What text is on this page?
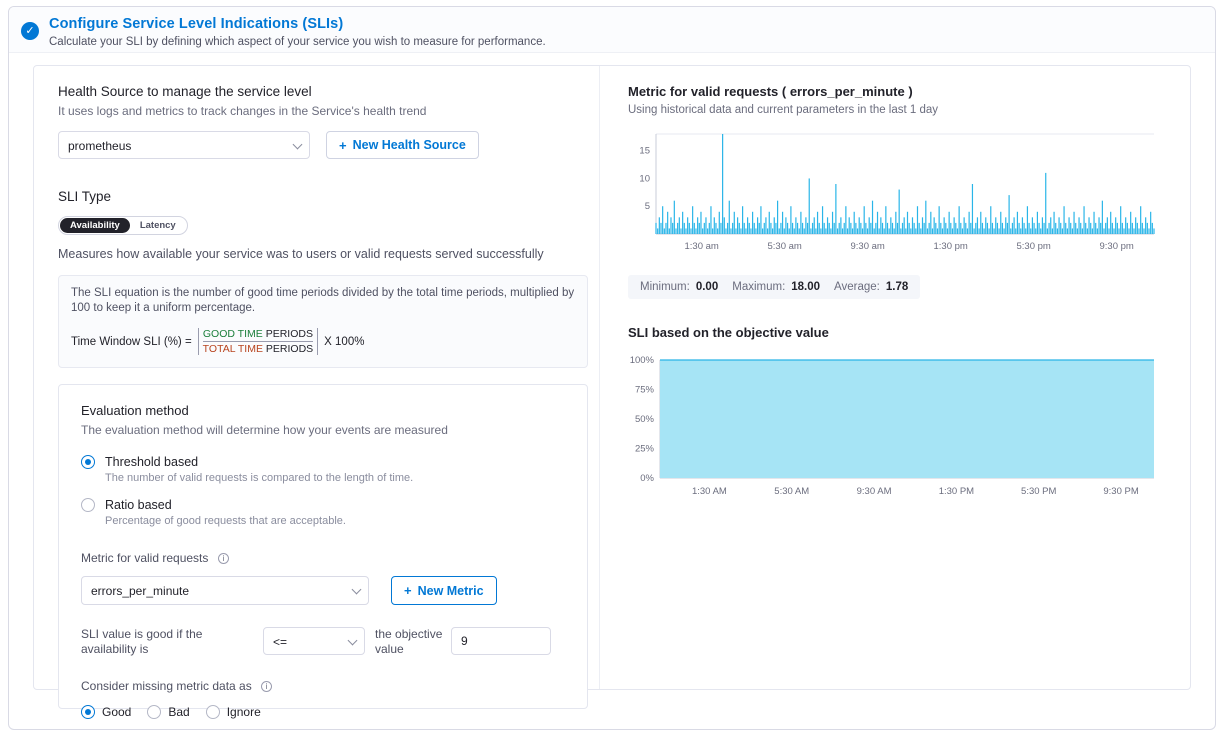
✓ Configure Service Level Indications (SLIs)
Calculate your SLI by defining which aspect of your service you wish to measure for performance.
Health Source to manage the service level
It uses logs and metrics to track changes in the Service's health trend
prometheus	+ New Health Source
SLI Type
Availability	Latency
Measures how available your service was to users or valid requests served successfully
The SLI equation is the number of good time periods divided by the total time periods, multiplied by 100 to keep it a uniform percentage.
Time Window SLI (%) = $\frac{\text{GOOD TIME PERIODS}}{\text{TOTAL TIME PERIODS}}$ X 100%
Evaluation method
The evaluation method will determine how your events are measured
Threshold based
The number of valid requests is compared to the length of time.
Ratio based
Percentage of good requests that are acceptable.
Metric for valid requests i
errors_per_minute	+ New Metric
SLI value is good if the availability is	<=
the objective value
9
Consider missing metric data as i
Good	Bad	Ignore
Metric for valid requests ( errors_per_minute )
Using historical data and current parameters in the last 1 day
5
10
15
1:30 am	5:30 am	9:30 am	1:30 pm	5:30 pm	9:30 pm
Minimum: 0.00 Maximum: 18.00 Average: 1.78
SLI based on the objective value
0%
25%
50%
75%
100%
1:30 AM	5:30 AM	9:30 AM	1:30 PM	5:30 PM	9:30 PM
